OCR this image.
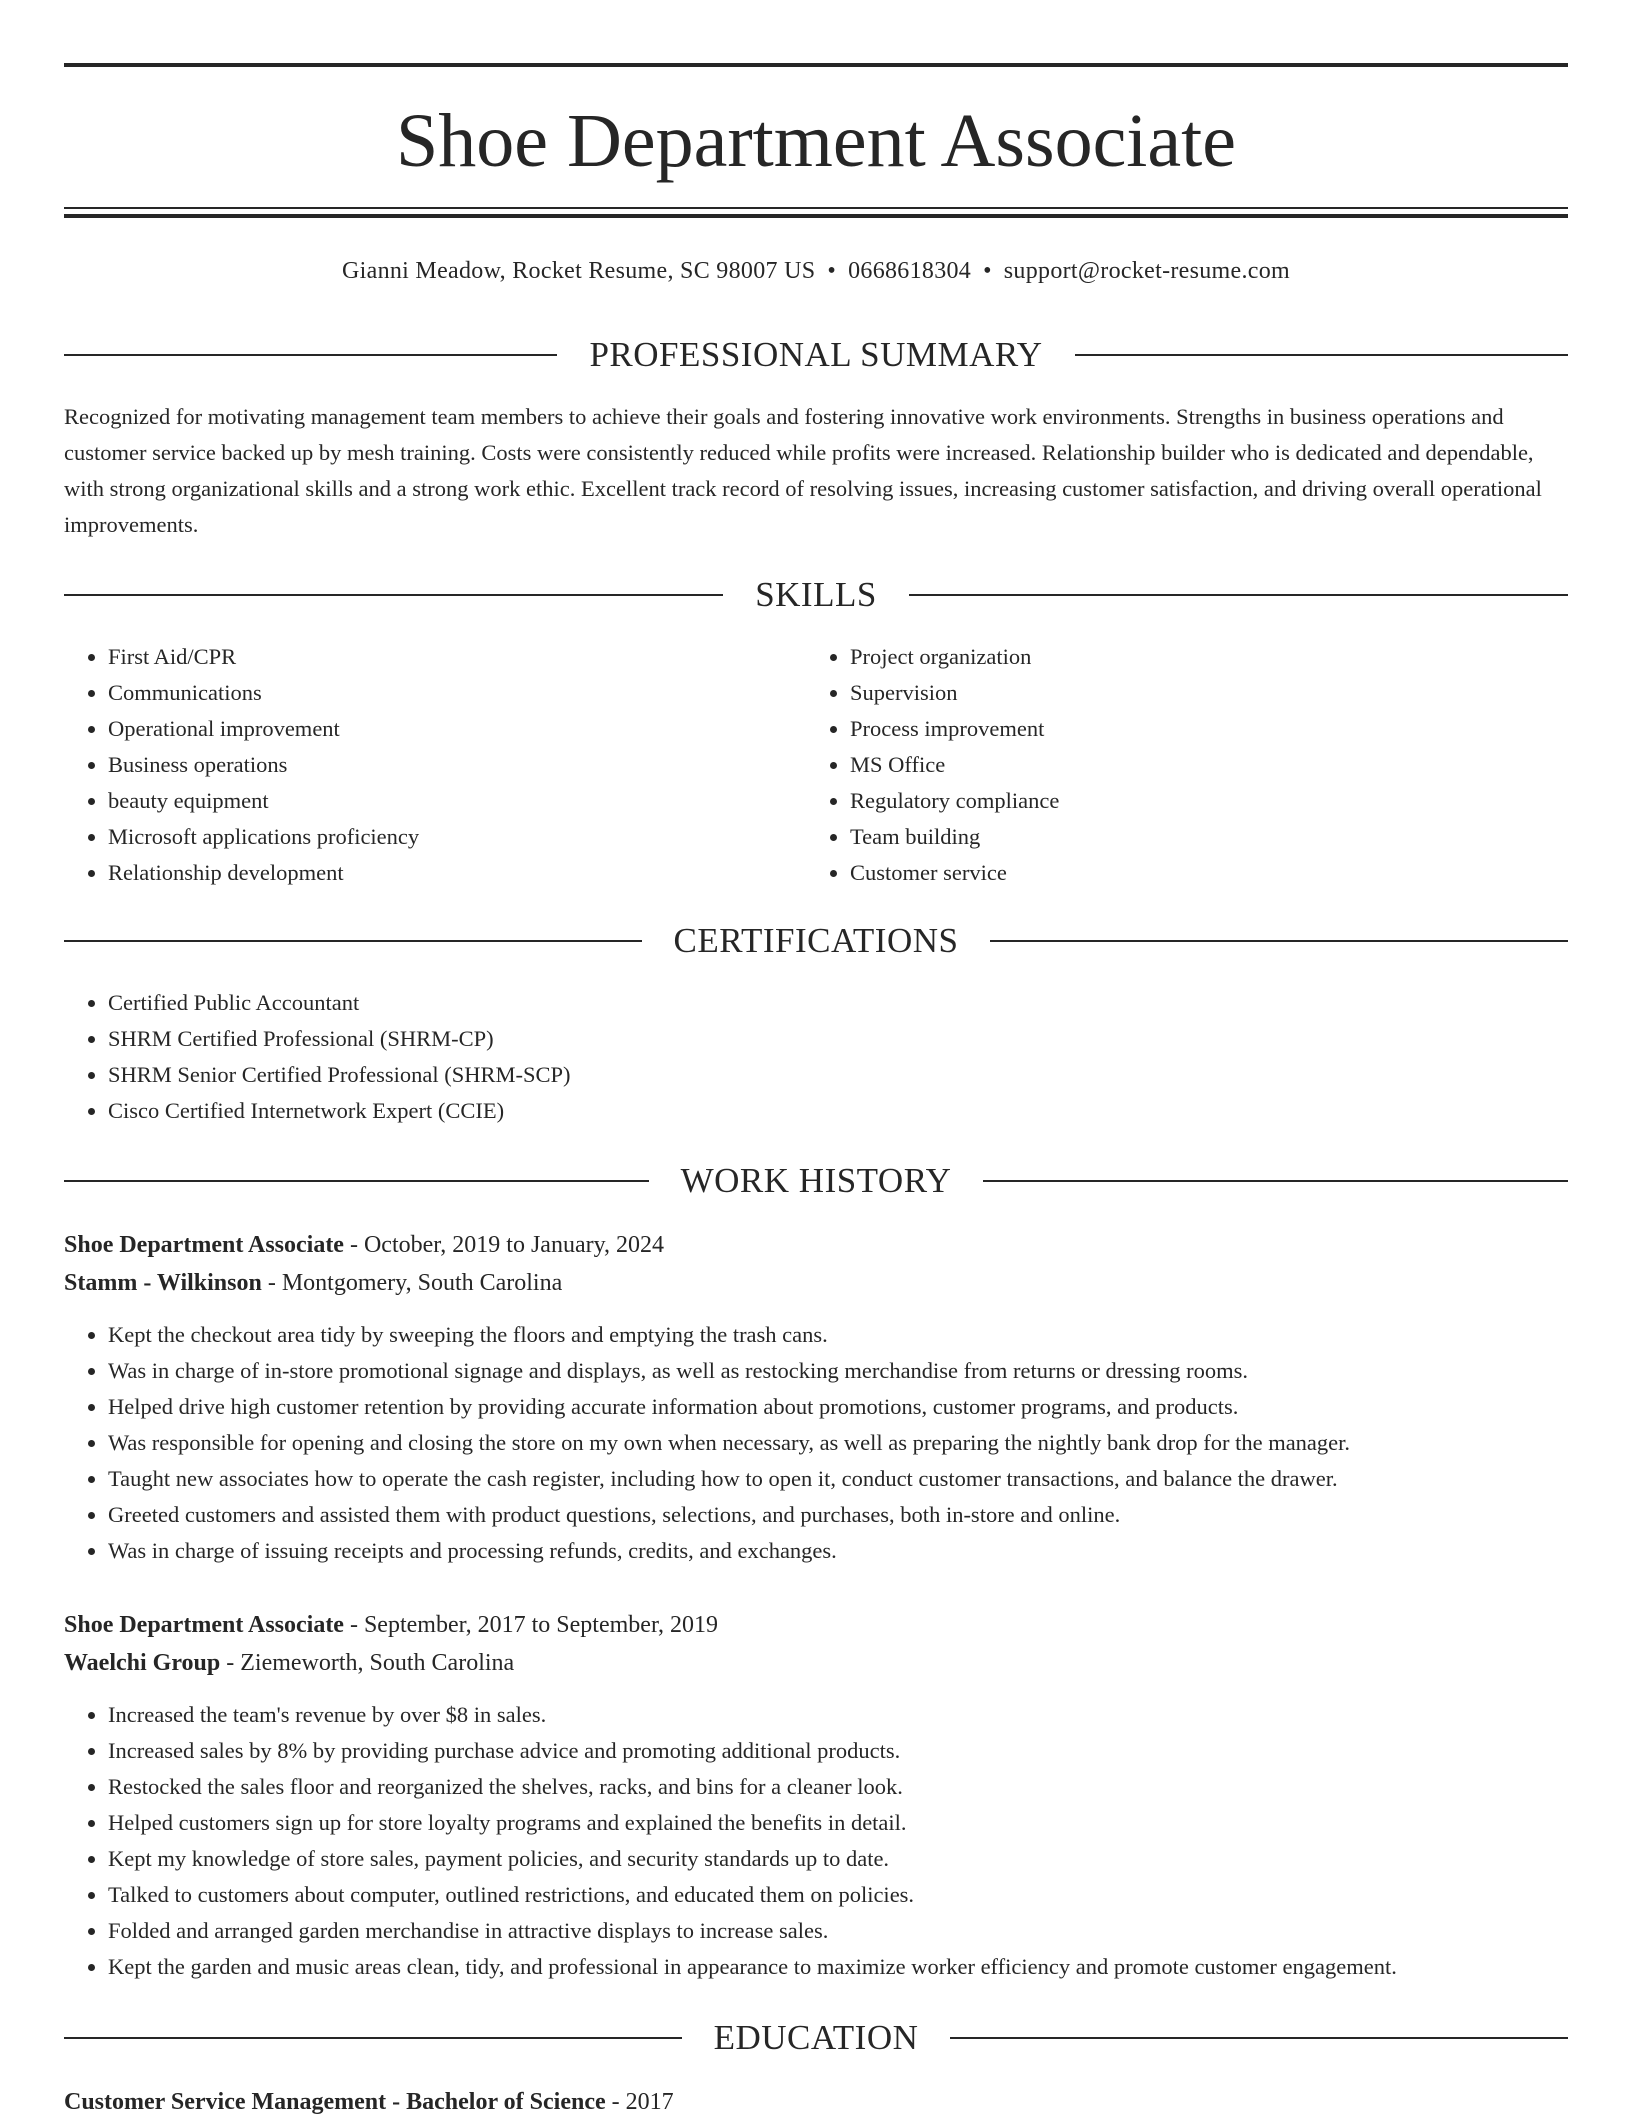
Shoe Department Associate
Gianni Meadow, Rocket Resume, SC 98007 US • 0668618304 • support@rocket-resume.com
PROFESSIONAL SUMMARY

Recognized for motivating management team members to achieve their goals and fostering innovative work environments. Strengths in business operations and customer service backed up by mesh training. Costs were consistently reduced while profits were increased. Relationship builder who is dedicated and dependable, with strong organizational skills and a strong work ethic. Excellent track record of resolving issues, increasing customer satisfaction, and driving overall operational improvements.

SKILLS
• First Aid/CPR
• Communications
• Operational improvement
• Business operations
• beauty equipment
• Microsoft applications proficiency
• Relationship development
• Project organization
• Supervision
• Process improvement
• MS Office
• Regulatory compliance
• Team building
• Customer service
CERTIFICATIONS
• Certified Public Accountant
• SHRM Certified Professional (SHRM-CP)
• SHRM Senior Certified Professional (SHRM-SCP)
• Cisco Certified Internetwork Expert (CCIE)
WORK HISTORY
Shoe Department Associate - October, 2019 to January, 2024
Stamm - Wilkinson - Montgomery, South Carolina
• Kept the checkout area tidy by sweeping the floors and emptying the trash cans.
• Was in charge of in-store promotional signage and displays, as well as restocking merchandise from returns or dressing rooms.
• Helped drive high customer retention by providing accurate information about promotions, customer programs, and products.
• Was responsible for opening and closing the store on my own when necessary, as well as preparing the nightly bank drop for the manager.
• Taught new associates how to operate the cash register, including how to open it, conduct customer transactions, and balance the drawer.
• Greeted customers and assisted them with product questions, selections, and purchases, both in-store and online.
• Was in charge of issuing receipts and processing refunds, credits, and exchanges.
Shoe Department Associate - September, 2017 to September, 2019
Waelchi Group - Ziemeworth, South Carolina
• Increased the team's revenue by over $8 in sales.
• Increased sales by 8% by providing purchase advice and promoting additional products.
• Restocked the sales floor and reorganized the shelves, racks, and bins for a cleaner look.
• Helped customers sign up for store loyalty programs and explained the benefits in detail.
• Kept my knowledge of store sales, payment policies, and security standards up to date.
• Talked to customers about computer, outlined restrictions, and educated them on policies.
• Folded and arranged garden merchandise in attractive displays to increase sales.
• Kept the garden and music areas clean, tidy, and professional in appearance to maximize worker efficiency and promote customer engagement.
EDUCATION
Customer Service Management - Bachelor of Science - 2017
